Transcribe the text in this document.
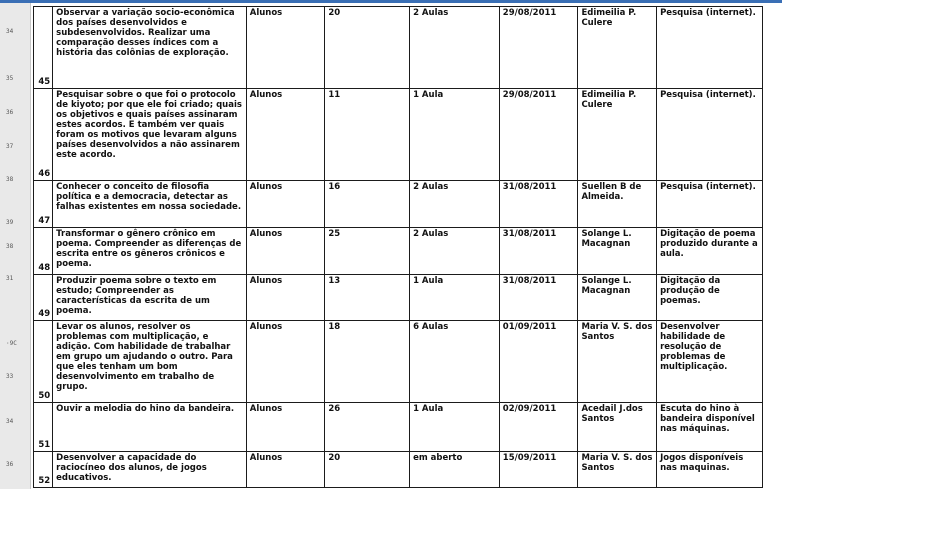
45	Observar a variação socio-econômica dos países desenvolvidos e subdesenvolvidos. Realizar uma comparação desses índices com a história das colônias de exploração.	Alunos	20	2 Aulas	29/08/2011	Edimeilia P. Culere	Pesquisa (internet).
46	Pesquisar sobre o que foi o protocolo de kiyoto; por que ele foi criado; quais os objetivos e quais países assinaram estes acordos. E também ver quais foram os motivos que levaram alguns países desenvolvidos a não assinarem este acordo.	Alunos	11	1 Aula	29/08/2011	Edimeilia P. Culere	Pesquisa (internet).
47	Conhecer o conceito de filosofia política e a democracia, detectar as falhas existentes em nossa sociedade.	Alunos	16	2 Aulas	31/08/2011	Suellen B de Almeida.	Pesquisa (internet).
48	Transformar o gênero crônico em poema. Compreender as diferenças de escrita entre os gêneros crônicos e poema.	Alunos	25	2 Aulas	31/08/2011	Solange L. Macagnan	Digitação de poema produzido durante a aula.
49	Produzir poema sobre o texto em estudo; Compreender as características da escrita de um poema.	Alunos	13	1 Aula	31/08/2011	Solange L. Macagnan	Digitação da produção de poemas.
50	Levar os alunos, resolver os problemas com multiplicação, e adição. Com habilidade de trabalhar em grupo um ajudando o outro. Para que eles tenham um bom desenvolvimento em trabalho de grupo.	Alunos	18	6 Aulas	01/09/2011	Maria V. S. dos Santos	Desenvolver habilidade de resolução de problemas de multiplicação.
51	Ouvir a melodia do hino da bandeira.	Alunos	26	1 Aula	02/09/2011	Acedail J.dos Santos	Escuta do hino à bandeira disponível nas máquinas.
52	Desenvolver a capacidade do raciocíneo dos alunos, de jogos educativos.	Alunos	20	em aberto	15/09/2011	Maria V. S. dos Santos	Jogos disponíveis nas maquinas.
34
35
36
37
38
39
38
31
·9C
33
34
36
